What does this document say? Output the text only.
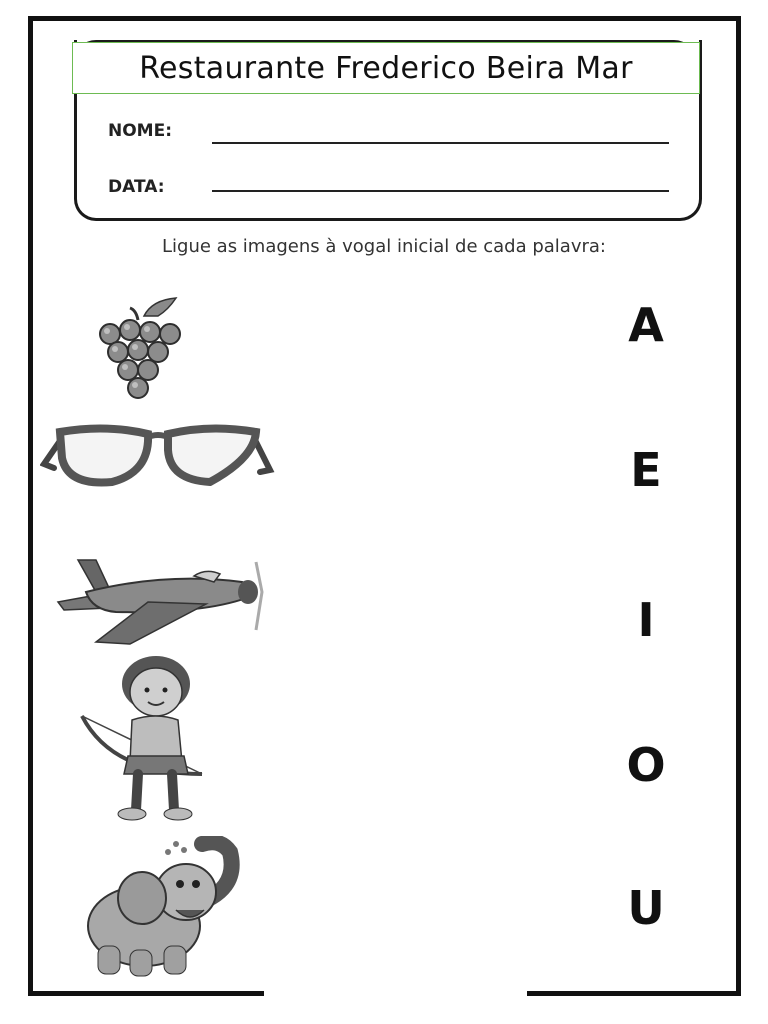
Restaurante Frederico Beira Mar
NOME:
DATA:
Ligue as imagens à vogal inicial de cada palavra:
A
E
I
O
U
